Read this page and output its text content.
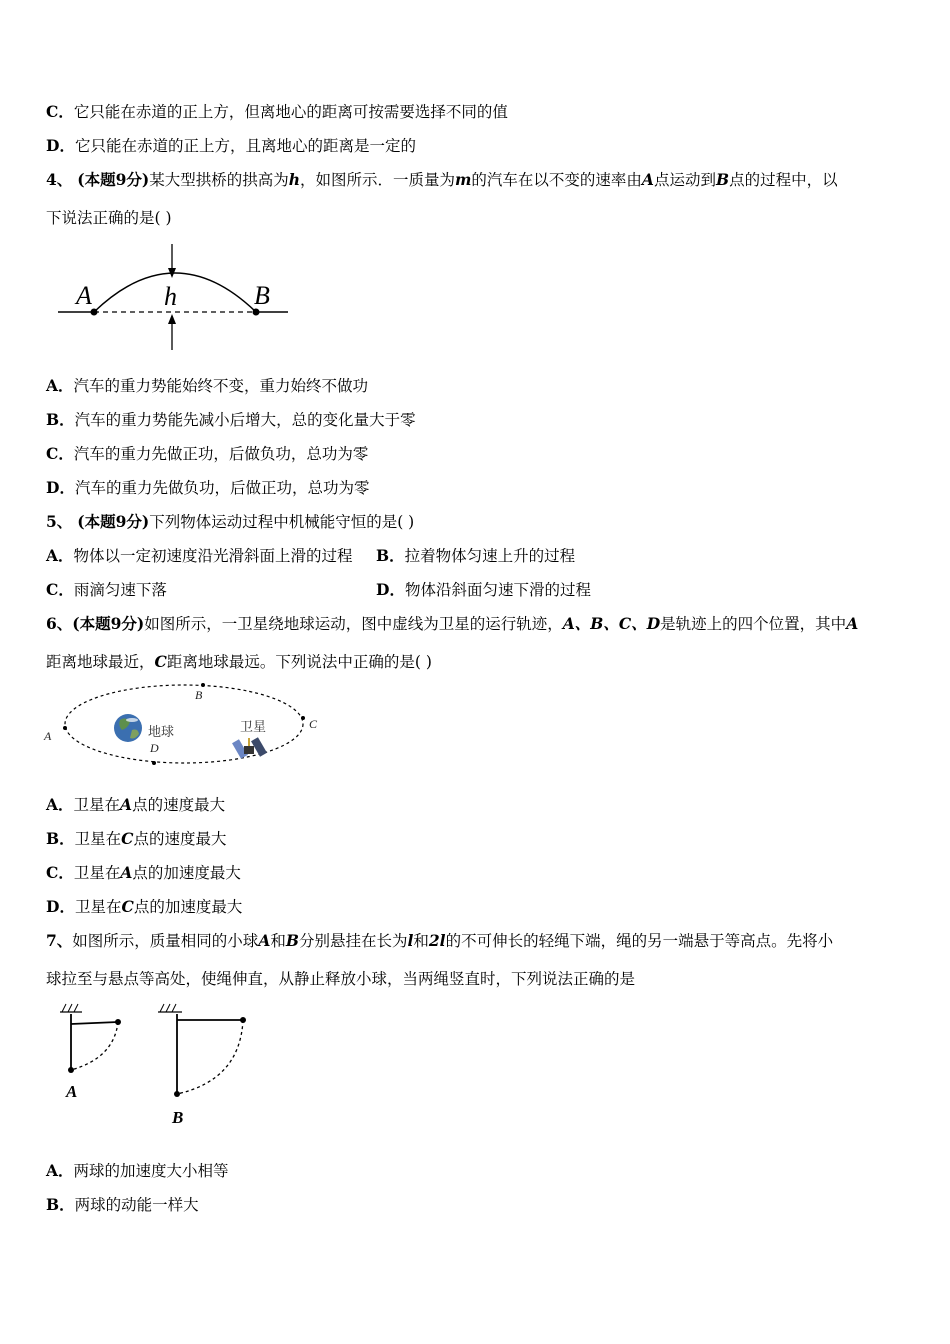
C．它只能在赤道的正上方，但离地心的距离可按需要选择不同的值
D．它只能在赤道的正上方，且离地心的距离是一定的
4、 (本题9分)某大型拱桥的拱高为h，如图所示．一质量为m的汽车在以不变的速率由A点运动到B点的过程中，以
下说法正确的是( )
A	h	B
A．汽车的重力势能始终不变，重力始终不做功
B．汽车的重力势能先减小后增大，总的变化量大于零
C．汽车的重力先做正功，后做负功，总功为零
D．汽车的重力先做负功，后做正功，总功为零
5、 (本题9分)下列物体运动过程中机械能守恒的是( )
A．物体以一定初速度沿光滑斜面上滑的过程 B．拉着物体匀速上升的过程
C．雨滴匀速下落	D．物体沿斜面匀速下滑的过程
6、(本题9分)如图所示，一卫星绕地球运动，图中虚线为卫星的运行轨迹，A、B、C、D是轨迹上的四个位置，其中A
距离地球最近，C距离地球最远。下列说法中正确的是( )
A
B
C
D
地球	卫星
A．卫星在A点的速度最大
B．卫星在C点的速度最大
C．卫星在A点的加速度最大
D．卫星在C点的加速度最大
7、如图所示，质量相同的小球A和B分别悬挂在长为l和2l的不可伸长的轻绳下端，绳的另一端悬于等高点。先将小
球拉至与悬点等高处，使绳伸直，从静止释放小球，当两绳竖直时，下列说法正确的是
A
B
A．两球的加速度大小相等
B．两球的动能一样大
